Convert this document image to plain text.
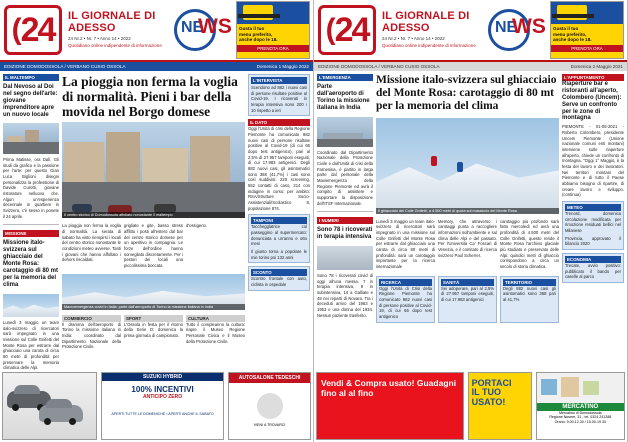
( 24 IL GIORNALE DI ADESSO
24 Nr.2 • Nr. 7 • Anno 14 • 2022
Quotidiano online indipendente di informazione
NE
WS Gusta il tuo
menu preferito,
anche dopo le 18.
PRENOTA ORA
EDIZIONE DOMODOSSOLA / VERBANO CUSIO OSSOLA	Domenica 1 Maggio 2022
IL MALTEMPO
Dal Nevoso al Doi nel segno dell'arte: giovane imprenditore apre un nuovo locale
Prima Matisse, ora Dalì. Gli studi da grafico e la passione per l'arte: per questo Gian Luca Biglioni disegni personalizza la professione di Davide Curotti, giovane ristoratore nelluovo che. Algun un'esperienza decennale in quartiere in Svizzera, c'è sesso in ponete il 24 aprile.
MISSIONE
Missione italo-svizzera sul ghiacciaio del Monte Rosa: carotaggio di 80 mt per la memoria del clima
Lunedì 3 maggio un team italo-svizzero di ricercatori sarà impegnato in una missione sul Colle Gnifetti del Monte Rosa per estrarre dal ghiacciaio una carota di circa 80 metri di profondità per preservare la memoria climatica delle Alpi.
La pioggia non ferma la voglia di normalità. Pieni i bar della movida nel Borgo domese
Il centro storico di Domodossola affollato nonostante il maltempo
La pioggia non ferma la voglia di normalità. La serata di sabato ha visto riempirsi i locali del centro storico nonostante le condizioni meteo avverse. Tanti i giovani che hanno affollato i dehors riscaldati.
grigliate e gite, basso stress afflitto i posti all'estero dal bar del centro storico domese per un aperitivo in compagnia. Le forze dell'ordine hanno sorvegliato discretamente. Per i pestori dei locali una piccolissima boccata
d'ossigeno.
Macroemergenza covid in Italia: parte dall'aeroporto di Torino la missione italiana in India
COMMERCIO
Il dramma dell'aeroporto di Torino la missione italiana in India: coordinato dal Dipartimento Nazionale della Protezione Civile.
SPORT
L'Ossola in festa per il ritorno della Serie D: domenica la prima giornata di campionato.
CULTURA
Tutto il compleanno la cultura: riapre il Museo Regione Personale Civica e il Museo della Protezione Civile.
L'INTERVISTA
Scendono ad 882 i nuovi casi di persone risultate positive al Covid-19. I ricoverati in terapia intensiva sono 200 i 10 rispetto a ieri
IL DATO
Oggi l'Unità di crisi della Regione Piemonte ha comunicato 882 nuovi casi di persone risultate positive al Covid-19 (di cui 66 dopo test antigenico), pari al 2,5% di 27.957 tamponi eseguiti, di cui 17.983 antigenici. Degli 882 nuovi casi, gli asintomatici sono 368 (41,7%) i casi sono così suddivisi: 220 screening, 552 contatti di caso, 214 con indagine in corso; per ambito: RSA/Strutture Socio-Assistenziali/Scolastico 8, popolazione 874.
TAMPONI
Tacchegglatrice col passeggino al supermercato: denunciata a un'anno e otto mesi
Il giunto torna a popolare le mie torino poi 132 anni
SCONTO
Scontro frontale con auto, ciclista in ospedale
SUZUKI HYBRID
100% INCENTIVI
ANTICIPO ZERO
APERTI TUTTE LE DOMENICHE • APERTI ANCHE IL SABATO
AUTOSALONE TEDESCHI
VIENI A TROVARCI
( 24 IL GIORNALE DI ADESSO
24 Nr.2 • Nr. 7 • Anno 14 • 2022
Quotidiano online indipendente di informazione
NE
WS Gusta il tuo
menu preferito,
anche dopo le 18.
PRENOTA ORA
EDIZIONE DOMODOSSOLA / VERBANO CUSIO OSSOLA	Domenica 2 Maggio 2021
L'EMERGENZA
Parte dall'aeroporto di Torino la missione italiana in India
Coordinato dal Dipartimento Nazionale della Protezione Civile e dall'Unità di crisi della Farnesina, è partito in larga parte dal personale della Maxiemergenza della Regione Piemonte ed avrà il compito di assistere e supportare la disposizione dell'ITSF Internazionale.
I NUMERI
Sono 78 i ricoverati in terapia intensiva
Sono 78 i ricoverati covid di oggi all'una messa. 7 in terapia intensiva, 9 in subintensiva, 14 a Galliate e 48 nei reparti di Novara. Tra i deceduti arrivo del 1963 e 1953 e una donna del 1934. Nessun paziente trasferito.
Missione italo-svizzera sul ghiacciaio del Monte Rosa: carotaggio di 80 mt per la memoria del clima
Il ghiacciaio del Colle Gnifetti, a 4.500 metri di quota sul massiccio del Monte Rosa
Lunedì 3 maggio un team italo-svizzero di ricercatori sarà impegnato in una missione sul Colle Gnifetti del Monte Rosa per estrarre dal ghiacciaio una carota di circa 80 metri di profondità: sarà un carotaggio importante per la ricerca internazionale
Memory, che attraverso i carotaggi punta a raccogliere informazioni sull'ambiente e sul clima delle Alpi e del passato. Per l'Università Ca' Foscari di Venezia, e il comitato di ricerca svizzero Paul Scherrer.
carotaggio più profondo sarà fatto mercoledì ed avrà una profondità di 4.500 metri del Colle Gnifetti, questo rende il Monte Rosa l'archivio glaciale più studiato e preservato delle Alpi: quindici metri di ghiaccio corrispondono a circa un secolo di storia climatica.
RICERCA
Oggi l'Unità di Crisi della Regione Piemonte ha comunicato 882 nuovi casi di persone positive al Covid-19, di cui 66 dopo test antigenico
SANITÀ
Sei adoperare, pari al 2,5% di 27.957 tamponi eseguiti, di cui 17.983 antigenici
TERRITORIO
Degli 882 nuovi casi gli asintomatici sono 368 pari al 41,7%
L'APPUNTAMENTO
Riaperture bar e ristoranti all'aperto, Colombero (Uncem): Serve un confronto per le zone di montagna
PIEMONTE - 01-05-2021 - Roberto Colombero, presidente Uncem Piemonte (Unione nazionale comuni enti montani) interviene sulle riaperture all'aperto, chiede un confronto di montagna. "Oggi 1° Maggio, è la festa del lavoro e dei lavoratori. Nei territori montani del Piemonte e di tutto il Paese abbiamo bisogno di ripartire, di creare lavoro e sviluppo. (continua)
METEO
Trenord, domenica circolazione modificata per rimozione residuati bellici nel Milanese
Provincia, approvato il bilancio 2020
ECONOMIA
Trecate, avvio positivo: pubblicato il bando per caselle al parco
Vendi & Compra usato! Guadagni fino al al fino
PORTACI
IL TUO
USATO!
MERCATINO
Mercatino di Domodossola
Regione Nosere, 31 - tel. 0324 241288
Orario: 9.00-12.30 / 15.00-19.30
